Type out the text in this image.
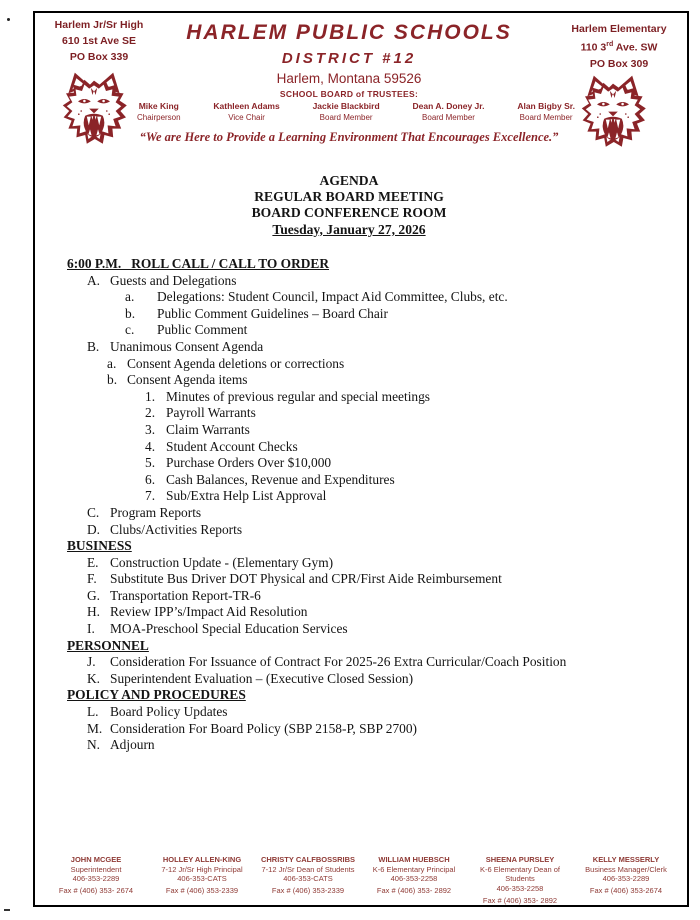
Harlem Jr/Sr High
610 1st Ave SE
PO Box 339
Harlem Elementary
110 3rd Ave. SW
PO Box 309
HARLEM PUBLIC SCHOOLS
DISTRICT #12
Harlem, Montana 59526
SCHOOL BOARD of TRUSTEES:
Mike King
Chairperson
Kathleen Adams
Vice Chair
Jackie Blackbird
Board Member
Dean A. Doney Jr.
Board Member
Alan Bigby Sr.
Board Member
“We are Here to Provide a Learning Environment That Encourages Excellence.”
AGENDA
REGULAR BOARD MEETING
BOARD CONFERENCE ROOM
Tuesday, January 27, 2026
6:00 P.M.   ROLL CALL / CALL TO ORDER
A. Guests and Delegations
a.	Delegations: Student Council, Impact Aid Committee, Clubs, etc.
b.	Public Comment Guidelines – Board Chair
c.	Public Comment
B. Unanimous Consent Agenda
a. Consent Agenda deletions or corrections
b. Consent Agenda items
1. Minutes of previous regular and special meetings
2. Payroll Warrants
3. Claim Warrants
4. Student Account Checks
5. Purchase Orders Over $10,000
6. Cash Balances, Revenue and Expenditures
7. Sub/Extra Help List Approval
C. Program Reports
D. Clubs/Activities Reports
BUSINESS
E. Construction Update - (Elementary Gym)
F. Substitute Bus Driver DOT Physical and CPR/First Aide Reimbursement
G. Transportation Report-TR-6
H. Review IPP’s/Impact Aid Resolution
I.	MOA-Preschool Special Education Services
PERSONNEL
J.	Consideration For Issuance of Contract For 2025-26 Extra Curricular/Coach Position
K. Superintendent Evaluation – (Executive Closed Session)
POLICY AND PROCEDURES
L. Board Policy Updates
M. Consideration For Board Policy (SBP 2158-P, SBP 2700)
N. Adjourn
JOHN MCGEE
Superintendent
406-353-2289
Fax # (406) 353- 2674
HOLLEY ALLEN-KING
7-12 Jr/Sr High Principal
406-353-CATS
Fax # (406) 353-2339
CHRISTY CALFBOSSRIBS
7-12 Jr/Sr Dean of Students
406-353-CATS
Fax # (406) 353-2339
WILLIAM HUEBSCH
K-6 Elementary Principal
406-353-2258
Fax # (406) 353- 2892
SHEENA PURSLEY
K-6 Elementary Dean of Students
406-353-2258
Fax # (406) 353- 2892
KELLY MESSERLY
Business Manager/Clerk
406-353-2289
Fax # (406) 353-2674
